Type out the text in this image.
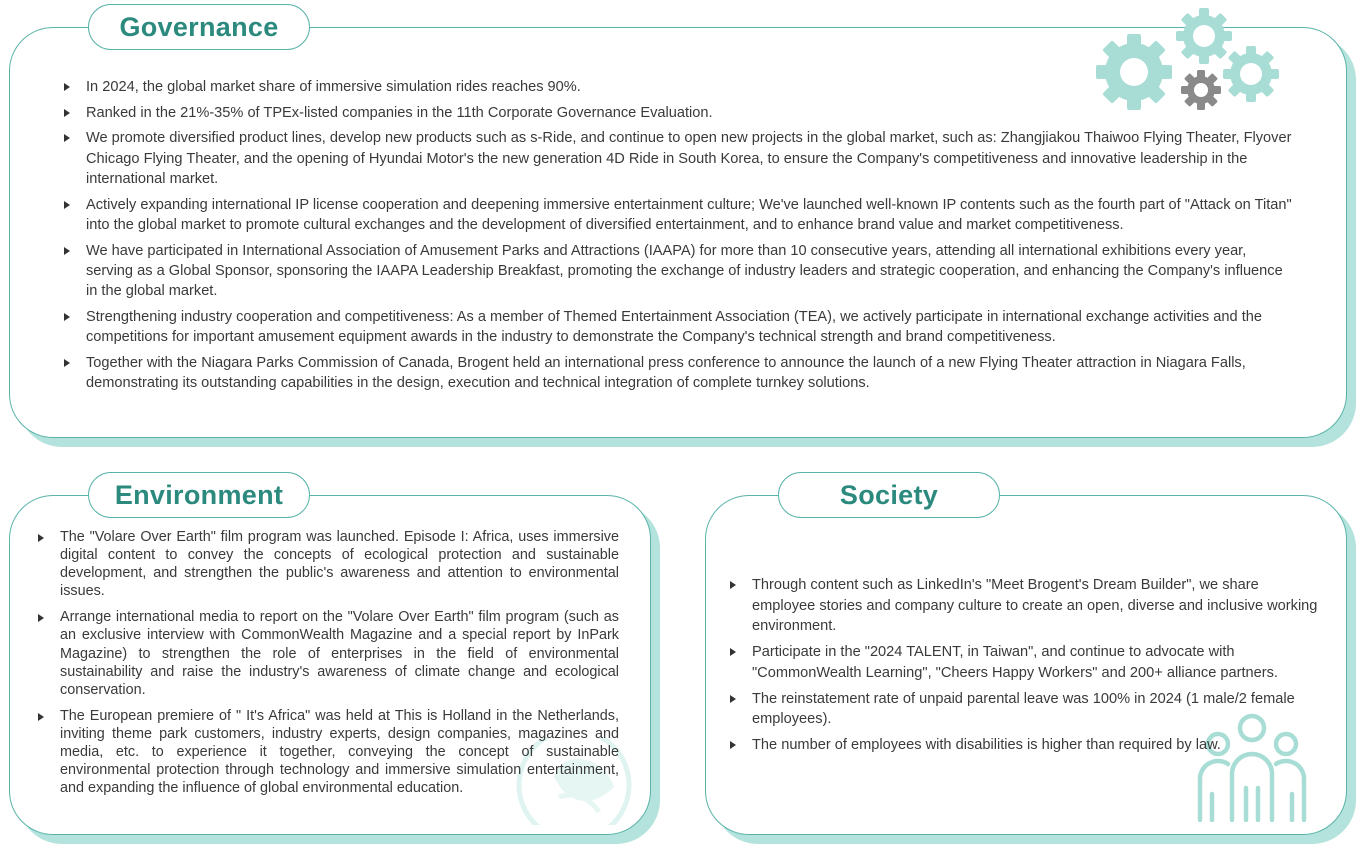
Governance
In 2024, the global market share of immersive simulation rides reaches 90%.
Ranked in the 21%-35% of TPEx-listed companies in the 11th Corporate Governance Evaluation.
We promote diversified product lines, develop new products such as s-Ride, and continue to open new projects in the global market, such as: Zhangjiakou Thaiwoo Flying Theater, Flyover Chicago Flying Theater, and the opening of Hyundai Motor's the new generation 4D Ride in South Korea, to ensure the Company's competitiveness and innovative leadership in the international market.
Actively expanding international IP license cooperation and deepening immersive entertainment culture; We've launched well-known IP contents such as the fourth part of "Attack on Titan" into the global market to promote cultural exchanges and the development of diversified entertainment, and to enhance brand value and market competitiveness.
We have participated in International Association of Amusement Parks and Attractions (IAAPA) for more than 10 consecutive years, attending all international exhibitions every year, serving as a Global Sponsor, sponsoring the IAAPA Leadership Breakfast, promoting the exchange of industry leaders and strategic cooperation, and enhancing the Company's influence in the global market.
Strengthening industry cooperation and competitiveness: As a member of Themed Entertainment Association (TEA), we actively participate in international exchange activities and the competitions for important amusement equipment awards in the industry to demonstrate the Company's technical strength and brand competitiveness.
Together with the Niagara Parks Commission of Canada, Brogent held an international press conference to announce the launch of a new Flying Theater attraction in Niagara Falls, demonstrating its outstanding capabilities in the design, execution and technical integration of complete turnkey solutions.
Environment
The "Volare Over Earth" film program was launched. Episode I: Africa, uses immersive digital content to convey the concepts of ecological protection and sustainable development, and strengthen the public's awareness and attention to environmental issues.
Arrange international media to report on the "Volare Over Earth" film program (such as an exclusive interview with CommonWealth Magazine and a special report by InPark Magazine) to strengthen the role of enterprises in the field of environmental sustainability and raise the industry's awareness of climate change and ecological conservation.
The European premiere of " It's Africa" was held at This is Holland in the Netherlands, inviting theme park customers, industry experts, design companies, magazines and media, etc. to experience it together, conveying the concept of sustainable environmental protection through technology and immersive simulation entertainment, and expanding the influence of global environmental education.
Society
Through content such as LinkedIn's "Meet Brogent's Dream Builder", we share employee stories and company culture to create an open, diverse and inclusive working environment.
Participate in the "2024 TALENT, in Taiwan", and continue to advocate with "CommonWealth Learning", "Cheers Happy Workers" and 200+ alliance partners.
The reinstatement rate of unpaid parental leave was 100% in 2024 (1 male/2 female employees).
The number of employees with disabilities is higher than required by law.
